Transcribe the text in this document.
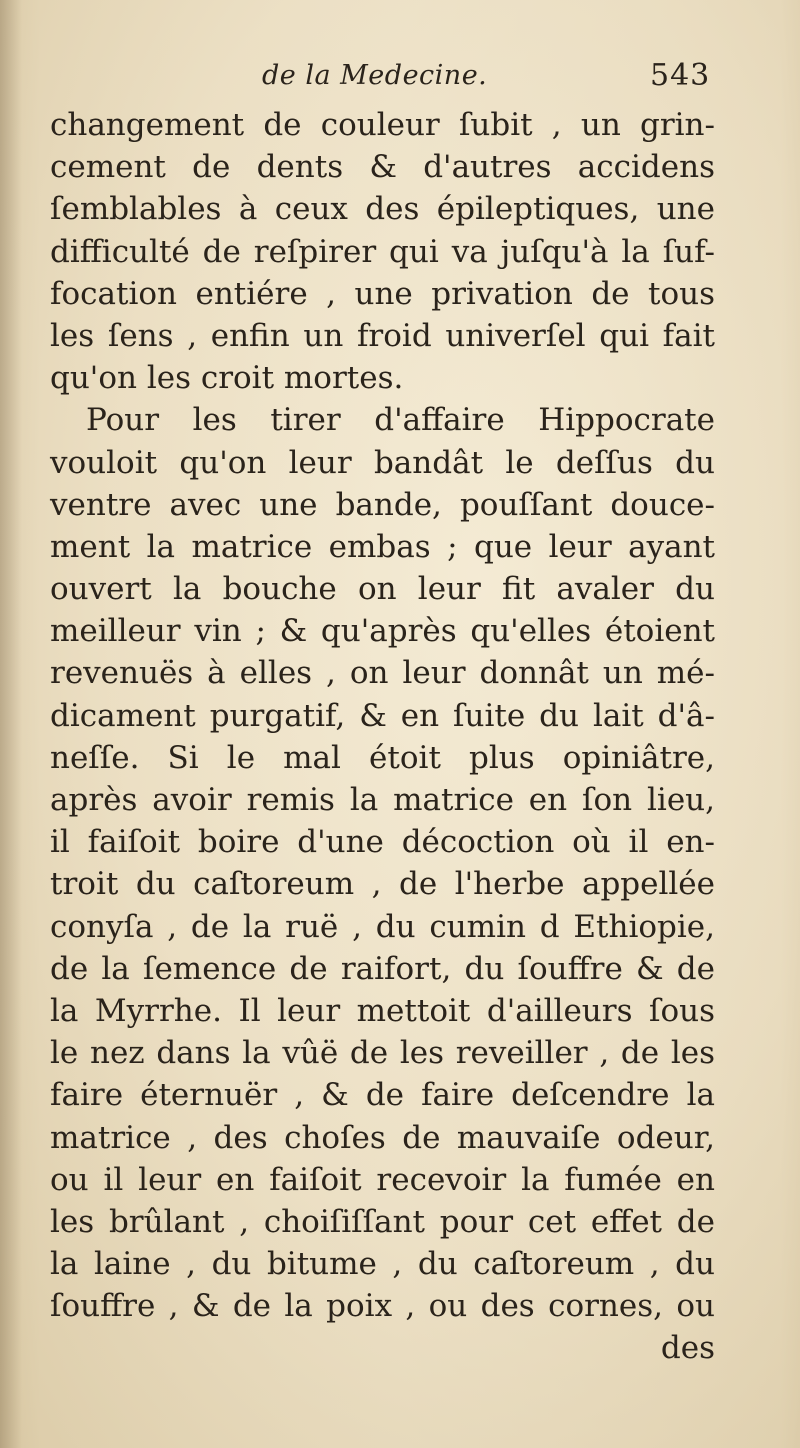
de la Medecine.	543
changement de couleur ſubit , un grin-
cement de dents & d'autres accidens
ſemblables à ceux des épileptiques, une
difficulté de reſpirer qui va juſqu'à la ſuf-
focation entiére , une privation de tous
les ſens , enfin un froid univerſel qui fait
qu'on les croit mortes.
Pour les tirer d'affaire Hippocrate
vouloit qu'on leur bandât le deſſus du
ventre avec une bande, pouſſant douce-
ment la matrice embas ; que leur ayant
ouvert la bouche on leur fit avaler du
meilleur vin ; & qu'après qu'elles étoient
revenuës à elles , on leur donnât un mé-
dicament purgatif, & en ſuite du lait d'â-
neſſe. Si le mal étoit plus opiniâtre,
après avoir remis la matrice en ſon lieu,
il faiſoit boire d'une décoction où il en-
troit du caſtoreum , de l'herbe appellée
conyſa , de la ruë , du cumin d Ethiopie,
de la ſemence de raifort, du ſouffre & de
la Myrrhe. Il leur mettoit d'ailleurs ſous
le nez dans la vûë de les reveiller , de les
faire éternuër , & de faire deſcendre la
matrice , des choſes de mauvaiſe odeur,
ou il leur en faiſoit recevoir la fumée en
les brûlant , choiſiſſant pour cet effet de
la laine , du bitume , du caſtoreum , du
ſouffre , & de la poix , ou des cornes, ou
des
